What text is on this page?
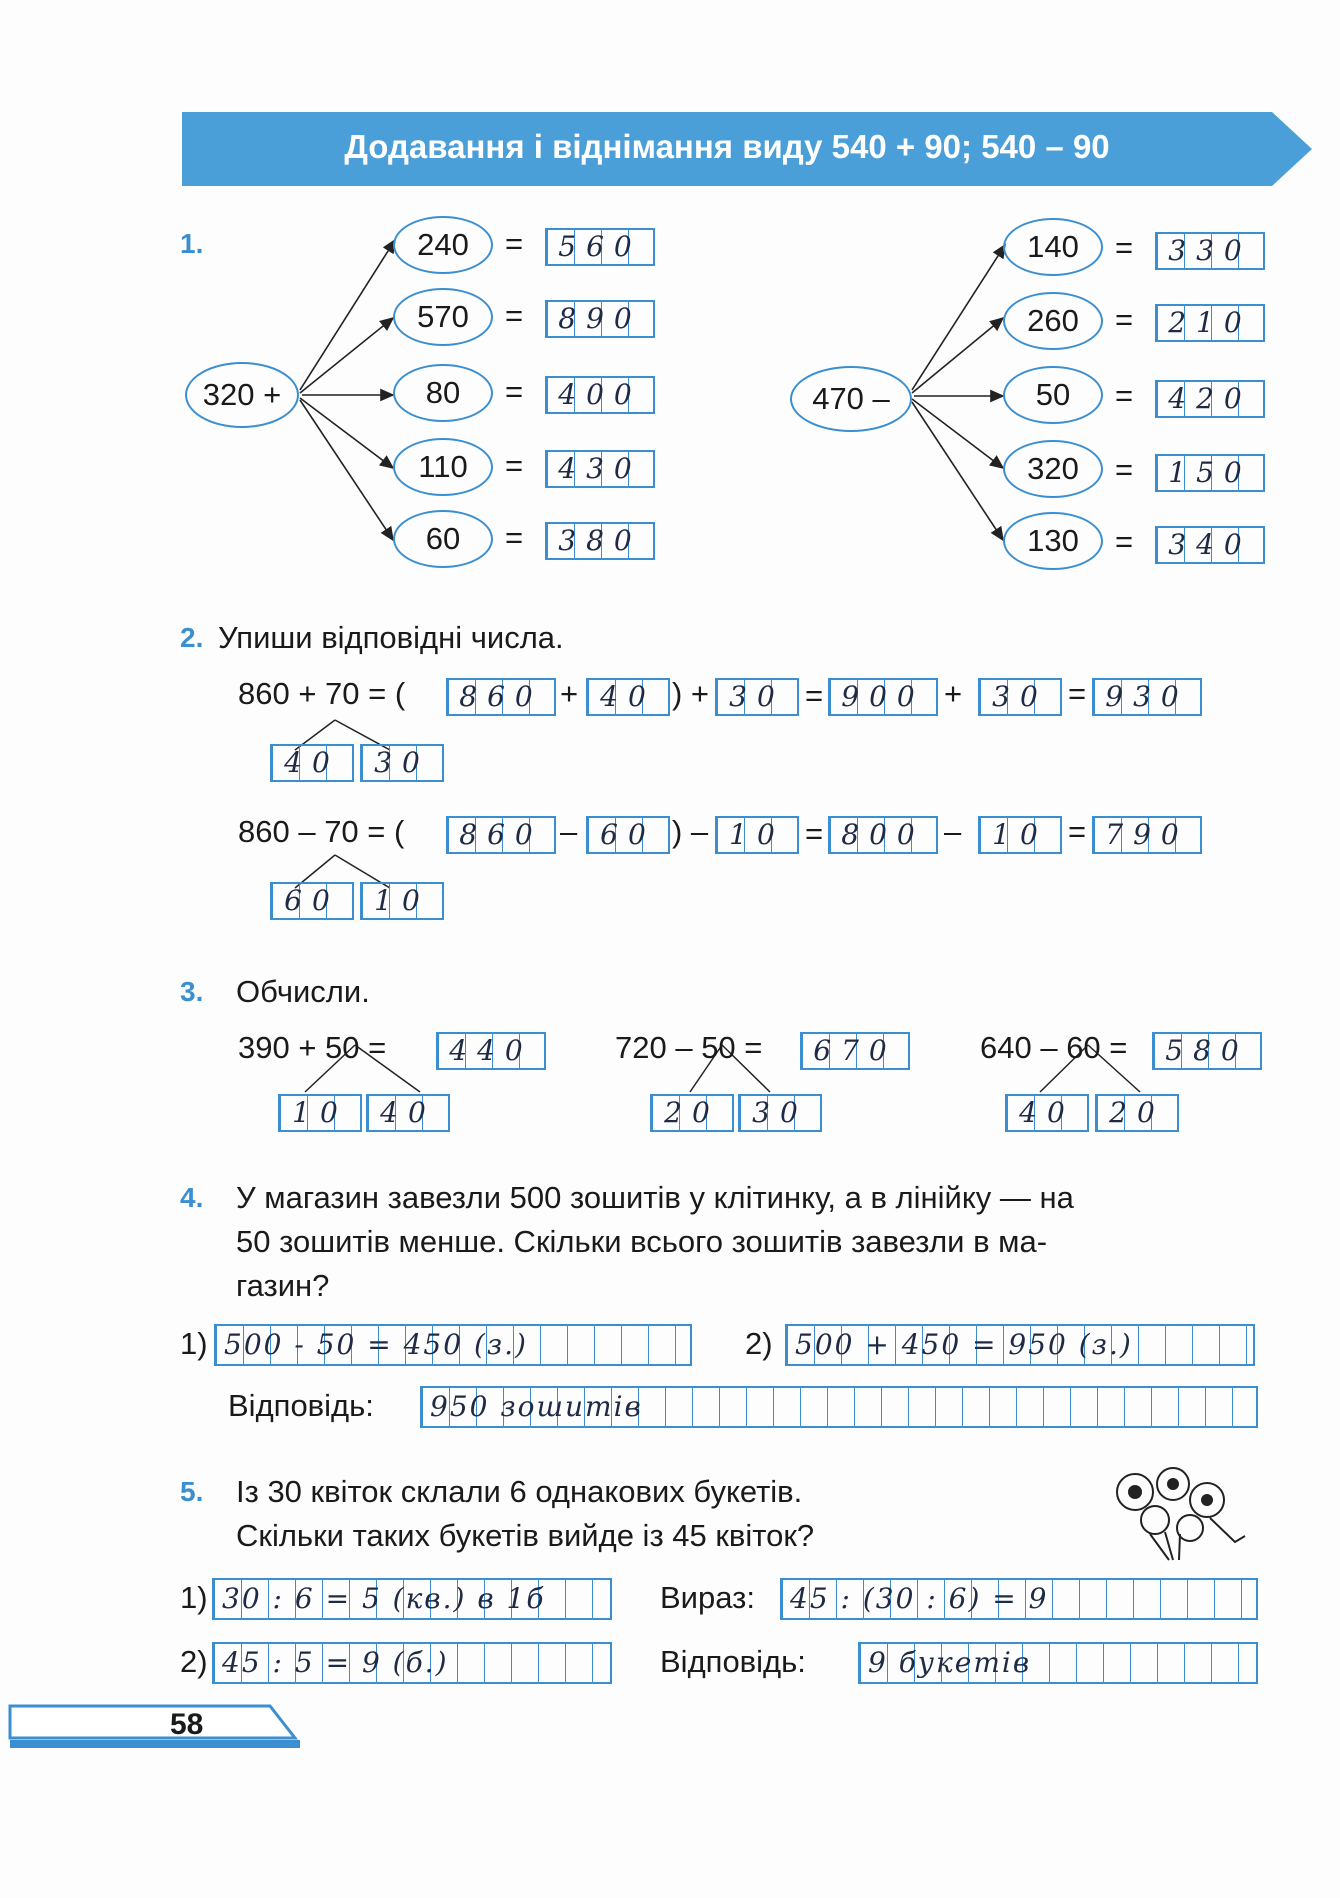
Додавання і віднімання виду 540 + 90; 540 – 90
1.
320 +	470 –
240	=	560
570	=	890
80	=	400
110	=	430
60	=	380
140	=	330
260	=	210
50	=	420
320	=	150
130	=	340
2. Упиши відповідні числа.
860 + 70 = (	860 + 40 ) + 30 = 900 +	30 = 930
40	30
860 – 70 = (	860 – 60 ) – 10 = 800 –	10 = 790
60	10
3. Обчисли.
390 + 50 =	440
10	40
720 – 50 =	670
20	30
640 – 60 =	580
40	20
4. У магазин завезли 500 зошитів у клітинку, а в лінійку — на
50 зошитів менше. Скільки всього зошитів завезли в ма-
газин?
1) 500 - 50 = 450 (з.)	2) 500 + 450 = 950 (з.)
Відповідь:	950 зошитів
5. Із 30 квіток склали 6 однакових букетів.
Скільки таких букетів вийде із 45 квіток?
1) 30 : 6 = 5 (кв.) в 1б	Вираз:	45 : (30 : 6) = 9
2) 45 : 5 = 9 (б.)	Відповідь:	9 букетів
58
